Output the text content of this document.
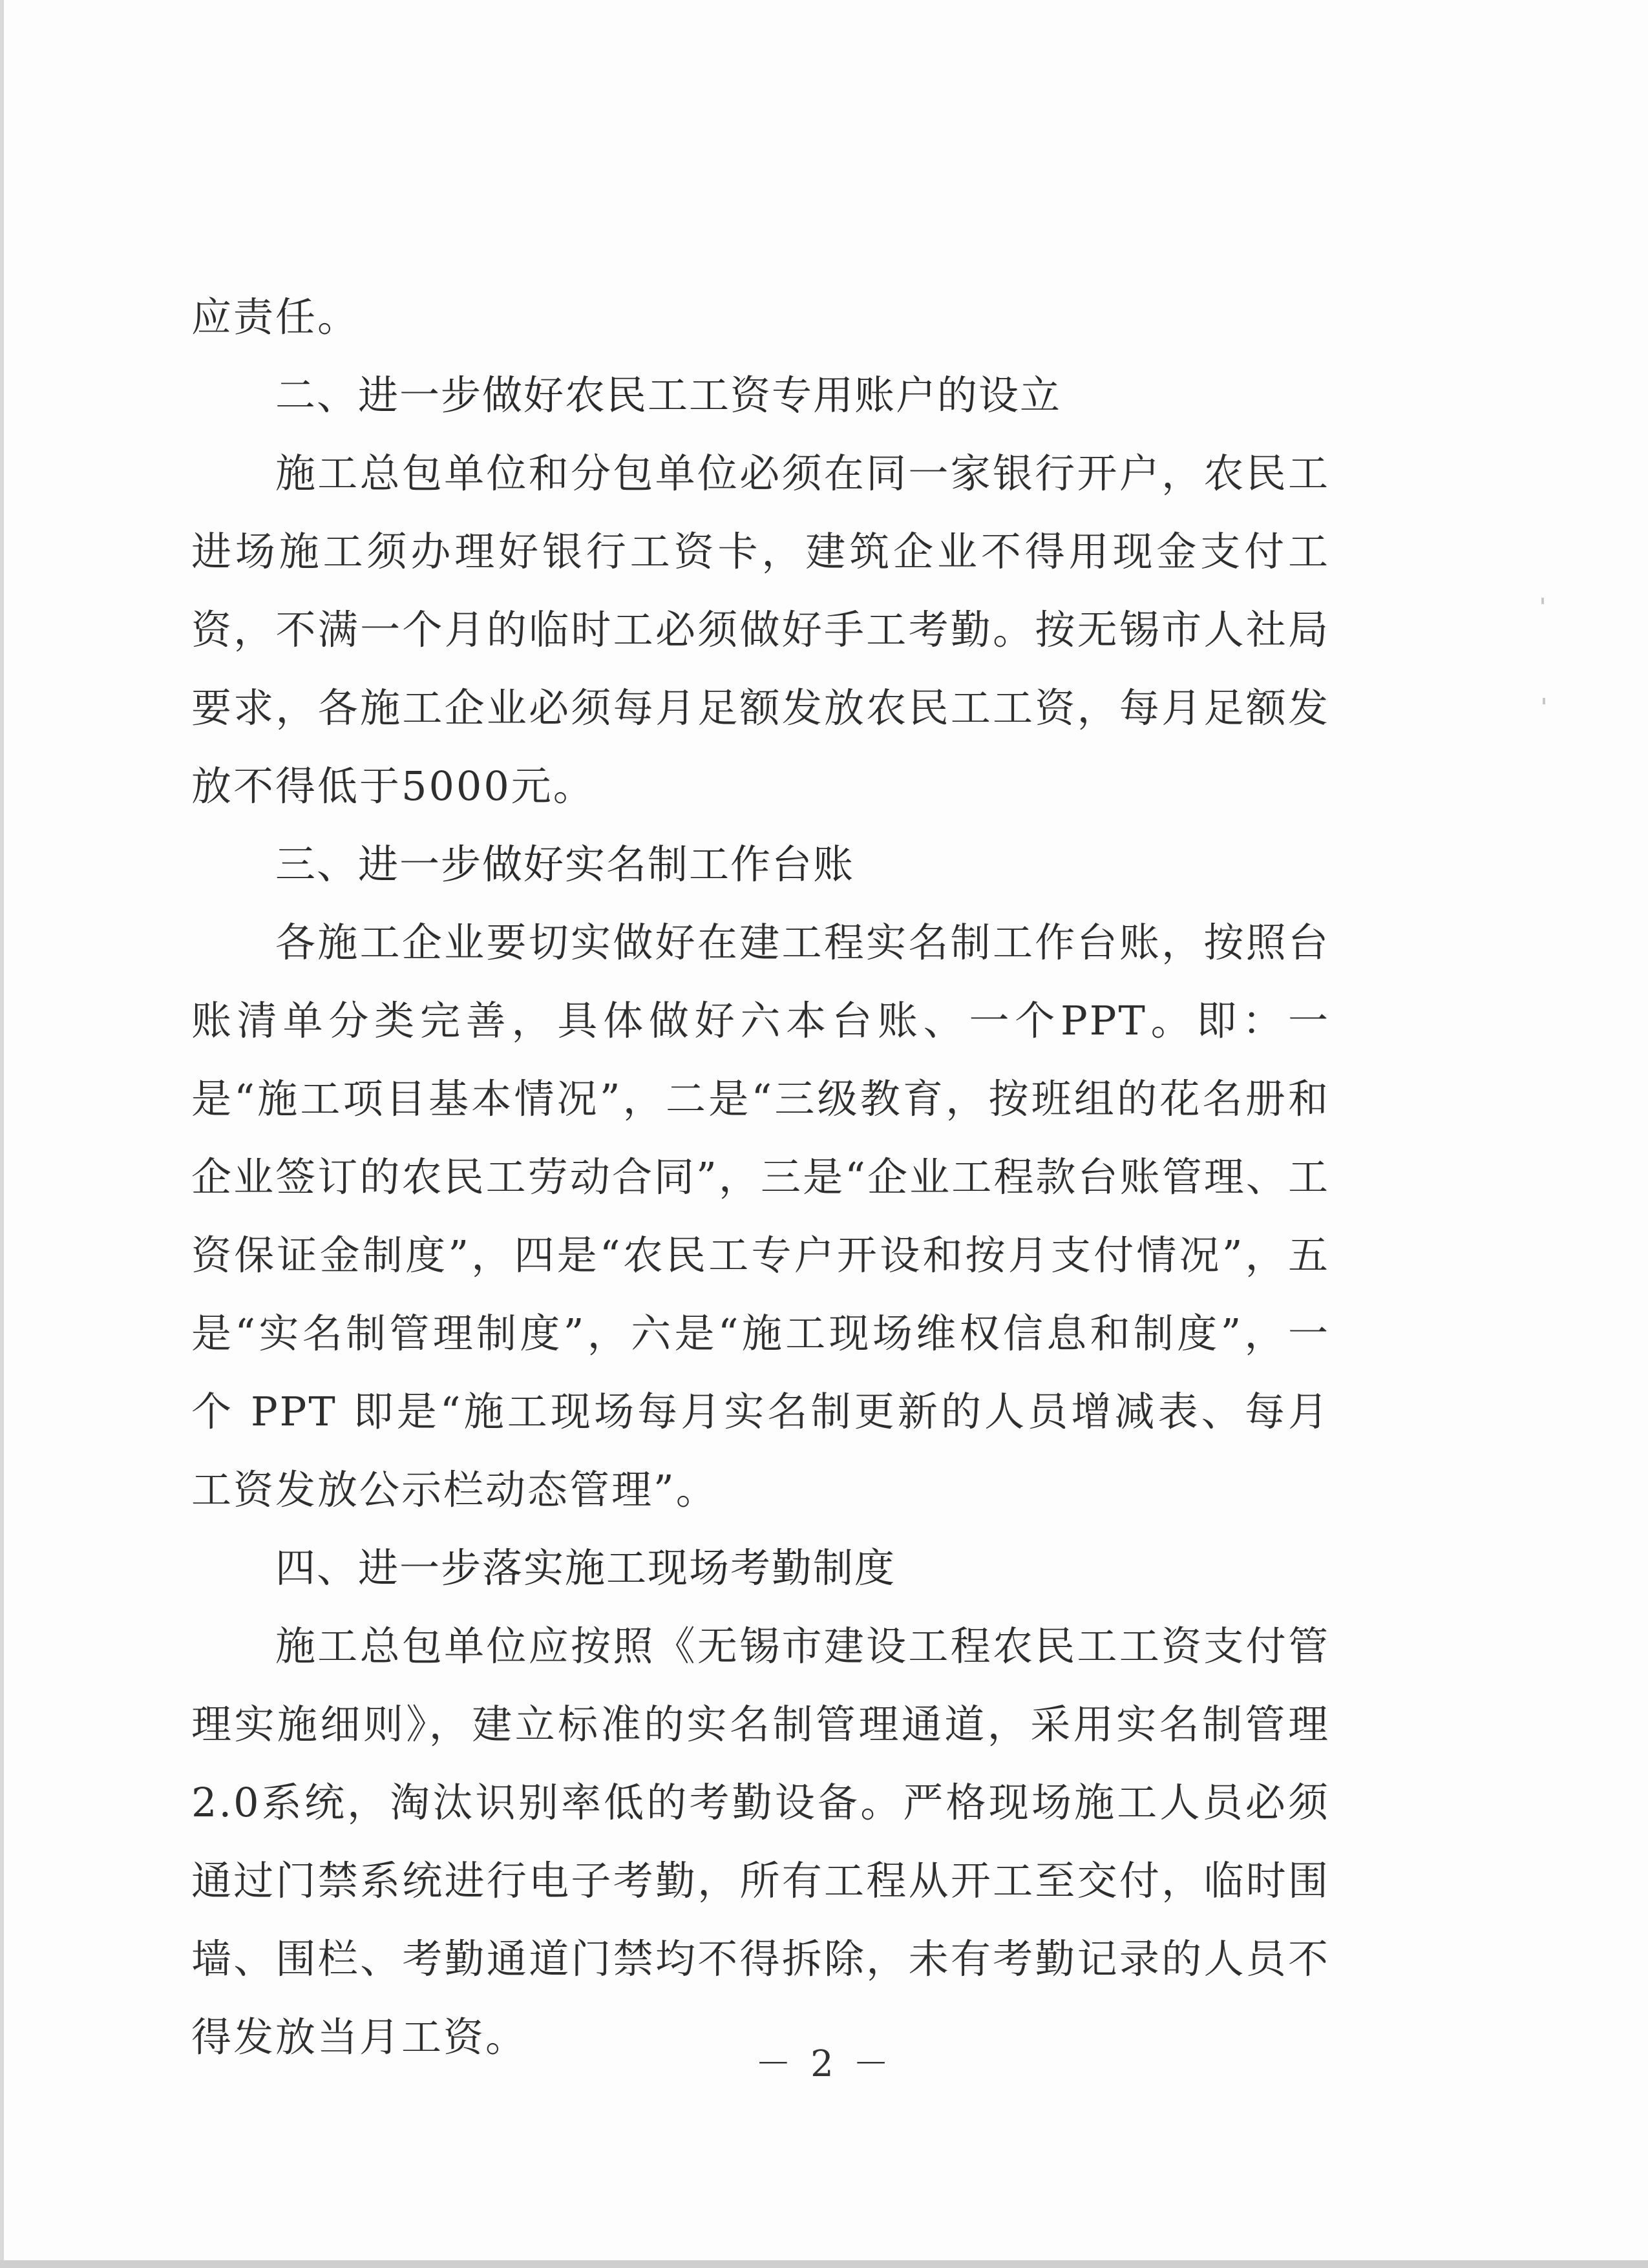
应责任。

二、进一步做好农民工工资专用账户的设立

施工总包单位和分包单位必须在同一家银行开户，农民工进场施工须办理好银行工资卡，建筑企业不得用现金支付工资，不满一个月的临时工必须做好手工考勤。按无锡市人社局要求，各施工企业必须每月足额发放农民工工资，每月足额发放不得低于5000元。

三、进一步做好实名制工作台账

各施工企业要切实做好在建工程实名制工作台账，按照台账清单分类完善，具体做好六本台账、一个PPT。即：一是“施工项目基本情况”，二是“三级教育，按班组的花名册和企业签订的农民工劳动合同”，三是“企业工程款台账管理、工资保证金制度”，四是“农民工专户开设和按月支付情况”，五是“实名制管理制度”，六是“施工现场维权信息和制度”，一个 PPT 即是“施工现场每月实名制更新的人员增减表、每月工资发放公示栏动态管理”。

四、进一步落实施工现场考勤制度

施工总包单位应按照《无锡市建设工程农民工工资支付管理实施细则》，建立标准的实名制管理通道，采用实名制管理2.0系统，淘汰识别率低的考勤设备。严格现场施工人员必须通过门禁系统进行电子考勤，所有工程从开工至交付，临时围墙、围栏、考勤通道门禁均不得拆除，未有考勤记录的人员不得发放当月工资。

－ 2 －
